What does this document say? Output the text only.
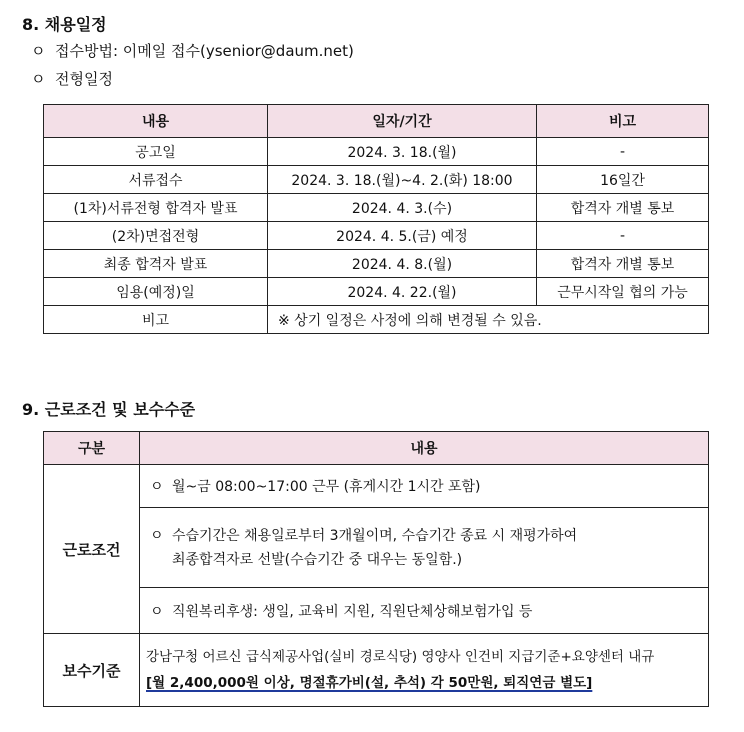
8. 채용일정
ㅇ 접수방법: 이메일 접수(ysenior@daum.net)
ㅇ 전형일정
내용	일자/기간	비고
공고일	2024. 3. 18.(월)	-
서류접수	2024. 3. 18.(월)~4. 2.(화) 18:00	16일간
(1차)서류전형 합격자 발표	2024. 4. 3.(수)	합격자 개별 통보
(2차)면접전형	2024. 4. 5.(금) 예정	-
최종 합격자 발표	2024. 4. 8.(월)	합격자 개별 통보
임용(예정)일	2024. 4. 22.(월)	근무시작일 협의 가능
비고	※ 상기 일정은 사정에 의해 변경될 수 있음.	
9. 근로조건 및 보수수준
구분	내용
근로조건	ㅇ 월~금 08:00~17:00 근무 (휴게시간 1시간 포함)
	ㅇ 수습기간은 채용일로부터 3개월이며, 수습기간 종료 시 재평가하여
최종합격자로 선발(수습기간 중 대우는 동일함.)
	ㅇ 직원복리후생: 생일, 교육비 지원, 직원단체상해보험가입 등
보수기준	강남구청 어르신 급식제공사업(실비 경로식당) 영양사 인건비 지급기준+요양센터 내규
[월 2,400,000원 이상, 명절휴가비(설, 추석) 각 50만원, 퇴직연금 별도]
